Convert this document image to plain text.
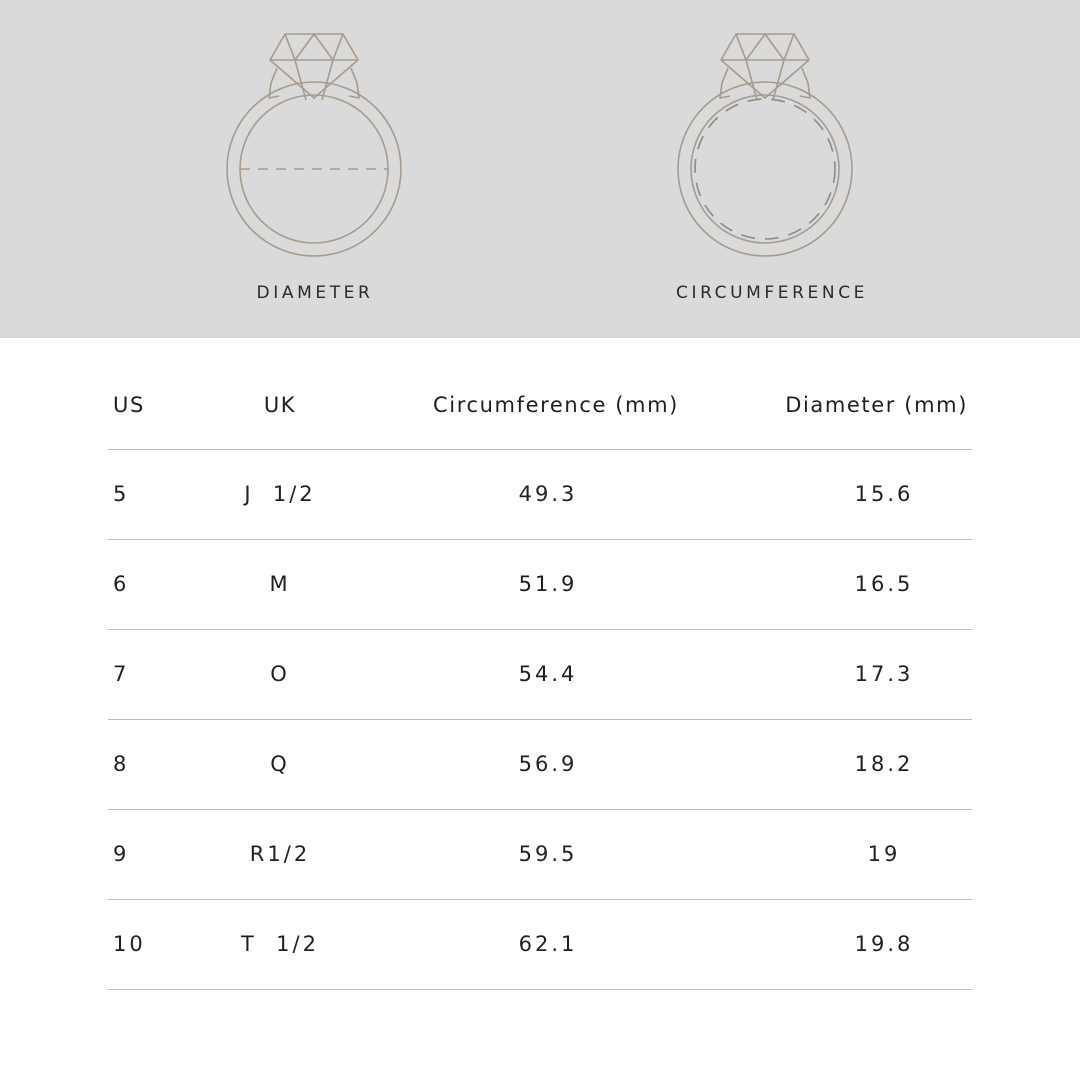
DIAMETER	CIRCUMFERENCE
US	UK	Circumference (mm)	Diameter (mm)
5	J  1/2	49.3	15.6
6	M	51.9	16.5
7	O	54.4	17.3
8	Q	56.9	18.2
9	R1/2	59.5	19
10	T  1/2	62.1	19.8
